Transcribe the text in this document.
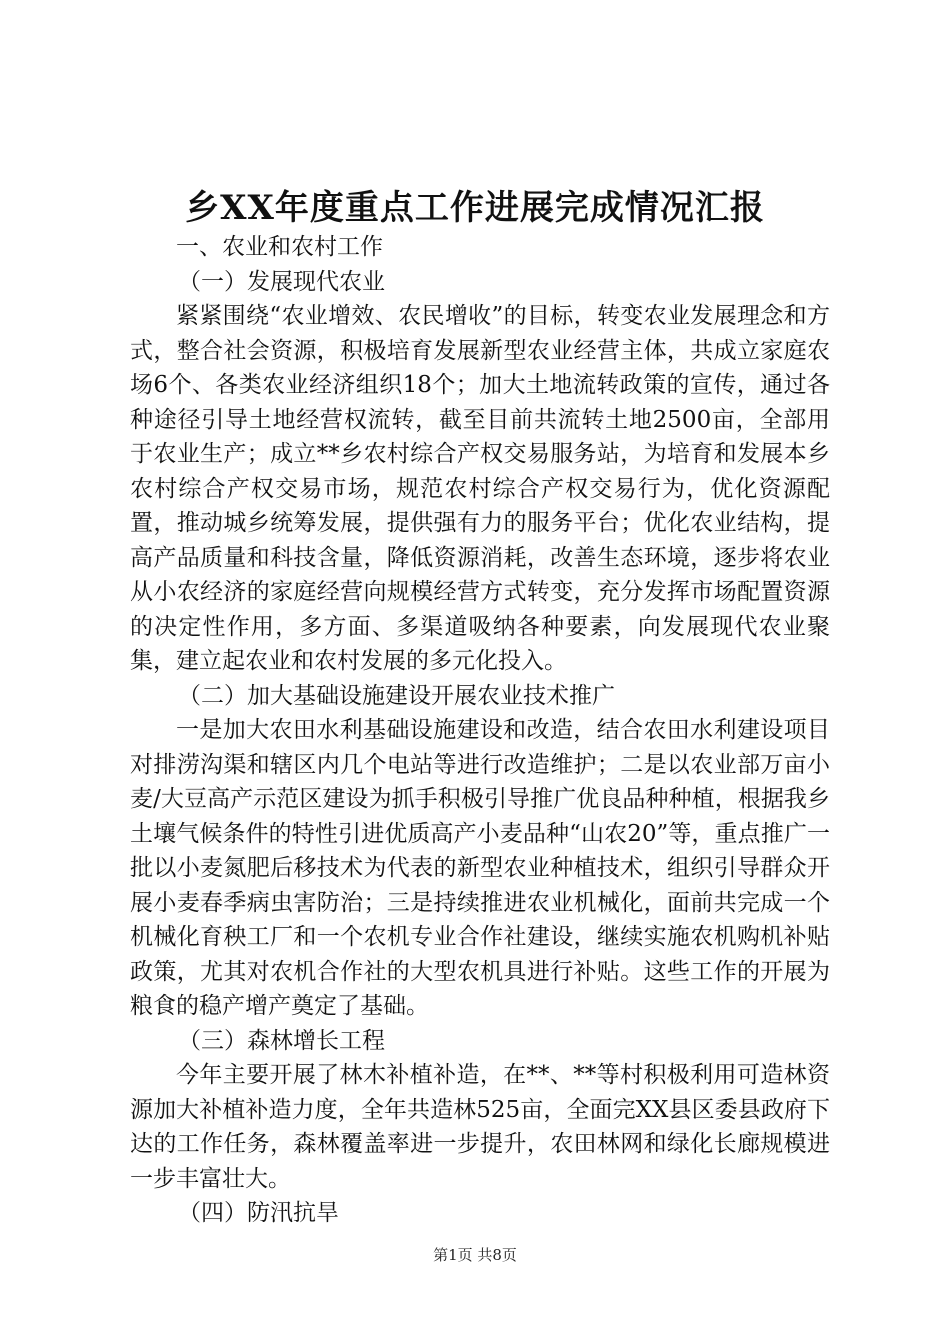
乡XX年度重点工作进展完成情况汇报

一、农业和农村工作

（一）发展现代农业

紧紧围绕“农业增效、农民增收”的目标，转变农业发展理念和方式，整合社会资源，积极培育发展新型农业经营主体，共成立家庭农场6个、各类农业经济组织18个；加大土地流转政策的宣传，通过各种途径引导土地经营权流转，截至目前共流转土地2500亩，全部用于农业生产；成立**乡农村综合产权交易服务站，为培育和发展本乡农村综合产权交易市场，规范农村综合产权交易行为，优化资源配置，推动城乡统筹发展，提供强有力的服务平台；优化农业结构，提高产品质量和科技含量，降低资源消耗，改善生态环境，逐步将农业从小农经济的家庭经营向规模经营方式转变，充分发挥市场配置资源的决定性作用，多方面、多渠道吸纳各种要素，向发展现代农业聚集，建立起农业和农村发展的多元化投入。

（二）加大基础设施建设开展农业技术推广

一是加大农田水利基础设施建设和改造，结合农田水利建设项目对排涝沟渠和辖区内几个电站等进行改造维护；二是以农业部万亩小麦/大豆高产示范区建设为抓手积极引导推广优良品种种植，根据我乡土壤气候条件的特性引进优质高产小麦品种“山农20”等，重点推广一批以小麦氮肥后移技术为代表的新型农业种植技术，组织引导群众开展小麦春季病虫害防治；三是持续推进农业机械化，面前共完成一个机械化育秧工厂和一个农机专业合作社建设，继续实施农机购机补贴政策，尤其对农机合作社的大型农机具进行补贴。这些工作的开展为粮食的稳产增产奠定了基础。

（三）森林增长工程

今年主要开展了林木补植补造，在**、**等村积极利用可造林资源加大补植补造力度，全年共造林525亩，全面完XX县区委县政府下达的工作任务，森林覆盖率进一步提升，农田林网和绿化长廊规模进一步丰富壮大。

（四）防汛抗旱

第1页 共8页
